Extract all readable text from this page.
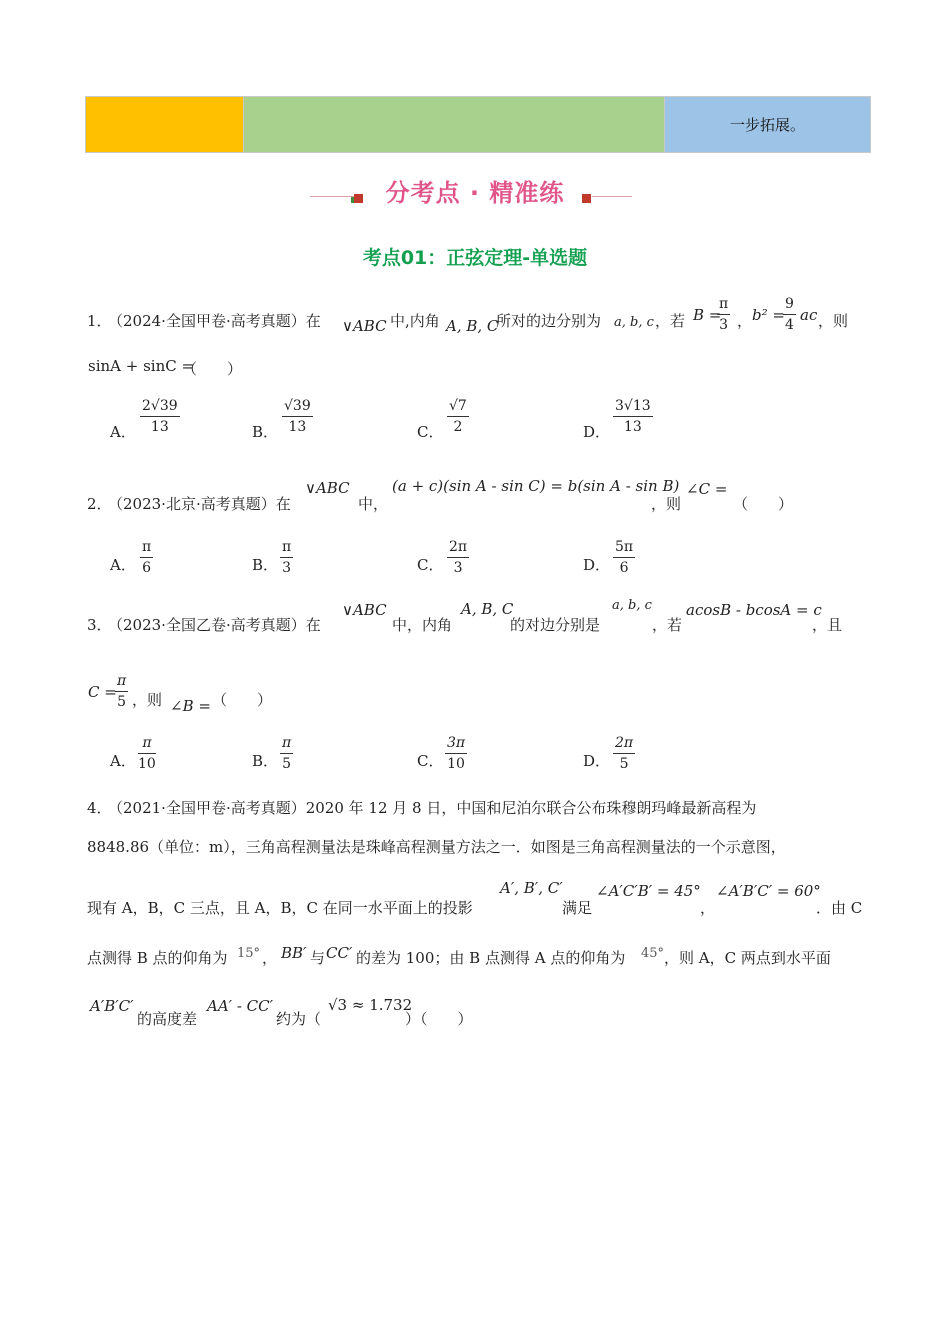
一步拓展。
分考点 · 精准练
考点01：正弦定理-单选题
1．
（2024·全国甲卷·高考真题）在 ∨ABC 中,内角 A, B, C
所对的边分别为 a, b, c ，若 B =
$\frac{\pi}{3}$ ， b² =
$\frac{9}{4}$ ac ，则
sinA + sinC =
（　　）
A． $\frac{2√39}{13}$	B． $\frac{√39}{13}$	C． $\frac{√7}{2}$	D． $\frac{3√13}{13}$
2．
（2023·北京·高考真题）在
∨ABC
中，
(a + c)(sin A - sin C) = b(sin A - sin B)
，则
∠C =
（　　）
A． $\frac{\pi}{6}$	B． $\frac{\pi}{3}$	C． $\frac{2\pi}{3}$	D． $\frac{5\pi}{6}$
3．
（2023·全国乙卷·高考真题）在
∨ABC
中，内角
A, B, C
的对边分别是
a, b, c
，若
acosB - bcosA = c
，且
C =
$\frac{\pi}{5}$ ，则 ∠B = （　　）
A． $\frac{\pi}{10}$	B． $\frac{\pi}{5}$	C． $\frac{3\pi}{10}$	D． $\frac{2\pi}{5}$
4．
（2021·全国甲卷·高考真题）2020 年 12 月 8 日，中国和尼泊尔联合公布珠穆朗玛峰最新高程为
8848.86（单位：m），三角高程测量法是珠峰高程测量方法之一．如图是三角高程测量法的一个示意图，
现有 A，B，C 三点，且 A，B，C 在同一水平面上的投影
A′, B′, C′
满足
∠A′C′B′ = 45°
，
∠A′B′C′ = 60°
．由 C
点测得 B 点的仰角为 15° ， BB′ 与 CC′ 的差为 100；由 B 点测得 A 点的仰角为 45° ，则 A，C 两点到水平面
A′B′C′
的高度差
AA′ - CC′
约为（
√3 ≈ 1.732
）（　　）
